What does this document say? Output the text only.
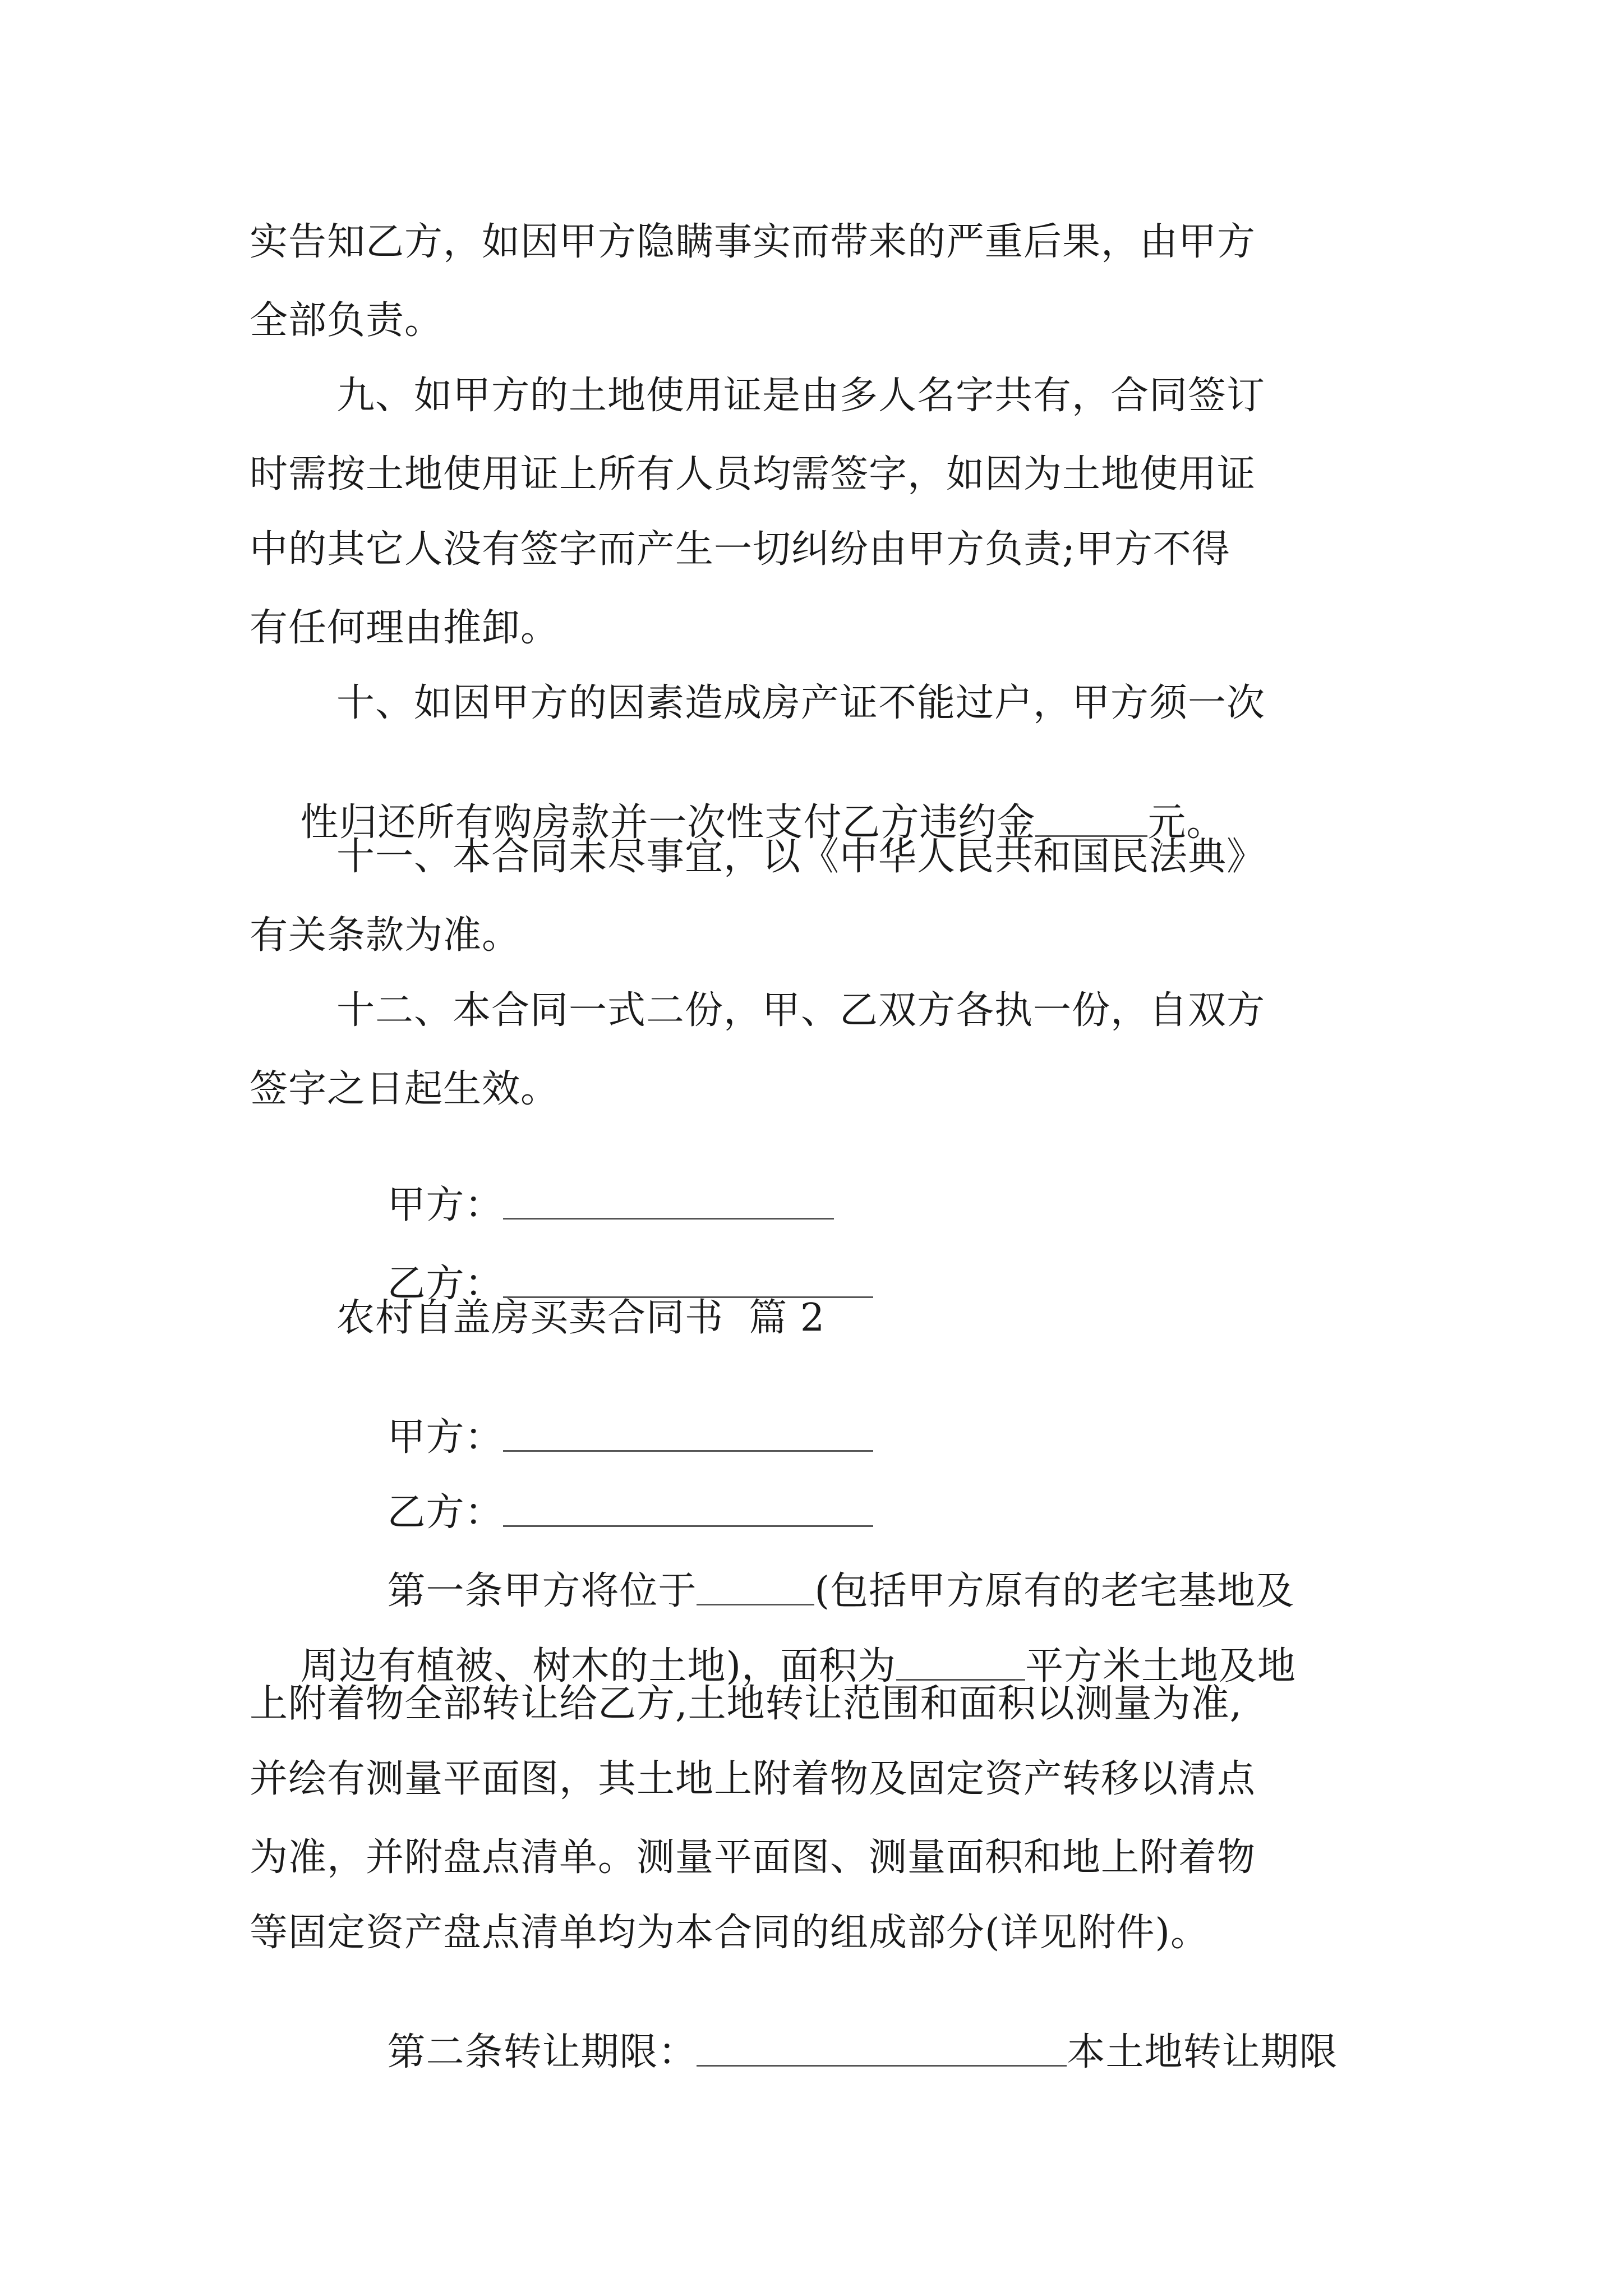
实告知乙方，如因甲方隐瞒事实而带来的严重后果，由甲方
全部负责。
九、如甲方的土地使用证是由多人名字共有，合同签订
时需按土地使用证上所有人员均需签字，如因为土地使用证
中的其它人没有签字而产生一切纠纷由甲方负责;甲方不得
有任何理由推卸。
十、如因甲方的因素造成房产证不能过户，甲方须一次

性归还所有购房款并一次性支付乙方违约金	元。

十一、本合同未尽事宜，以《中华人民共和国民法典》
有关条款为准。
十二、本合同一式二份，甲、乙双方各执一份，自双方
签字之日起生效。

甲方：

乙方：

农村自盖房买卖合同书  篇 2

甲方：

乙方：

第一条甲方将位于	(包括甲方原有的老宅基地及

周边有植被、树木的土地)，面积为	平方米土地及地

上附着物全部转让给乙方,土地转让范围和面积以测量为准,
并绘有测量平面图，其土地上附着物及固定资产转移以清点
为准，并附盘点清单。测量平面图、测量面积和地上附着物
等固定资产盘点清单均为本合同的组成部分(详见附件)。

第二条转让期限：	本土地转让期限
